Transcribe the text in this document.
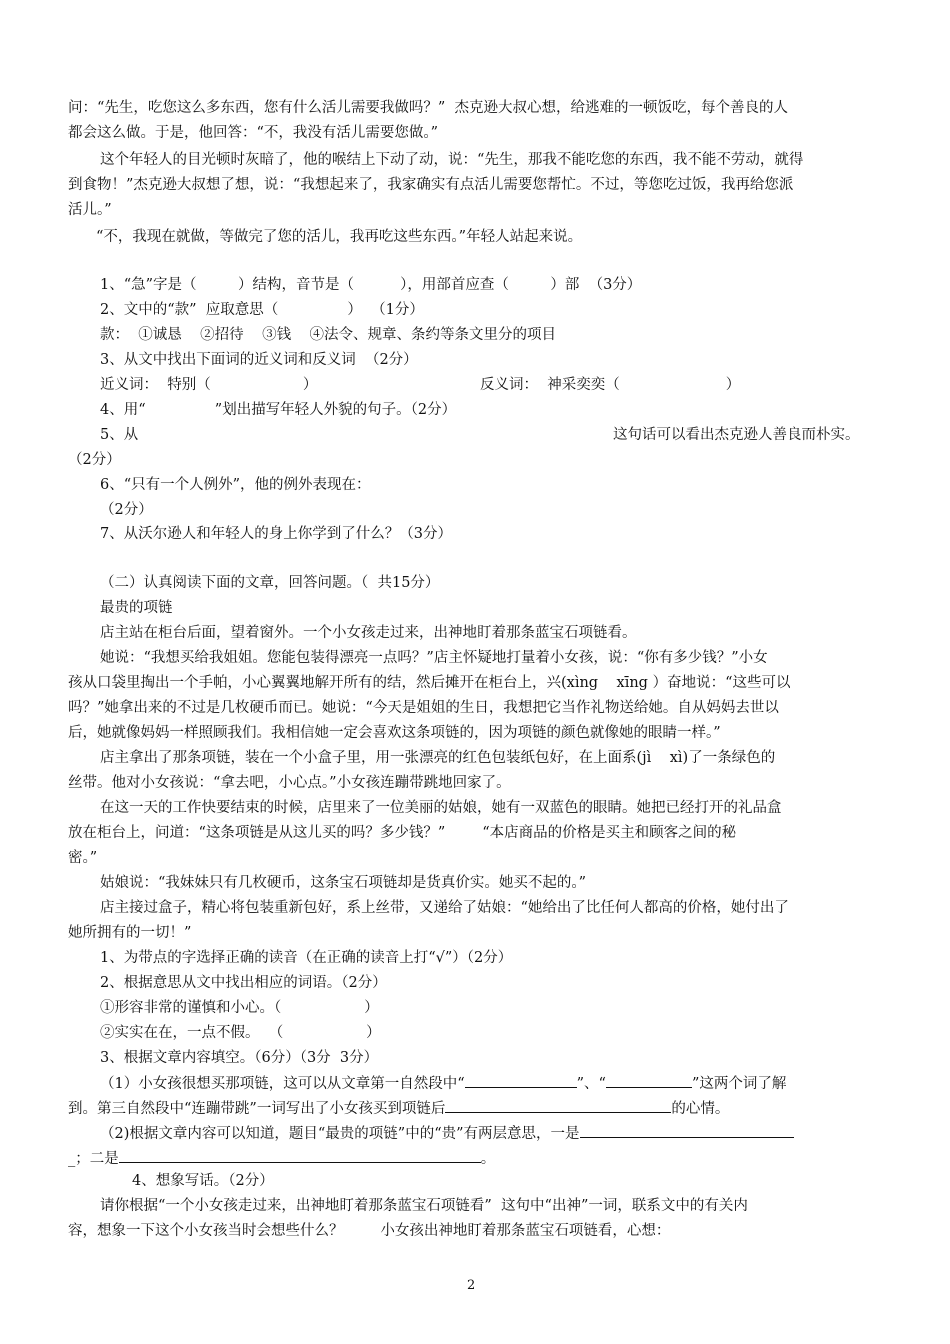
问：“先生，吃您这么多东西，您有什么活儿需要我做吗？”  杰克逊大叔心想，给逃难的一顿饭吃，每个善良的人
都会这么做。于是，他回答：“不，我没有活儿需要您做。”
这个年轻人的目光顿时灰暗了，他的喉结上下动了动，说：“先生，那我不能吃您的东西，我不能不劳动，就得
到食物！”杰克逊大叔想了想，说：“我想起来了，我家确实有点活儿需要您帮忙。不过，等您吃过饭，我再给您派
活儿。”
“不，我现在就做，等做完了您的活儿，我再吃这些东西。”年轻人站起来说。
1、“急”字是（         ）结构，音节是（          ），用部首应查（         ）部  （3分）
2、文中的“款”  应取意思（               ）  （1分）
款：  ①诚恳    ②招待    ③钱    ④法令、规章、条约等条文里分的项目
3、从文中找出下面词的近义词和反义词  （2分）
近义词：  特别（                    ）	反义词：  神采奕奕（                       ）
4、用“               ”划出描写年轻人外貌的句子。（2分）
5、从	这句话可以看出杰克逊人善良而朴实。
（2分）
6、“只有一个人例外”，他的例外表现在：
（2分）
7、从沃尔逊人和年轻人的身上你学到了什么？（3分）
（二）认真阅读下面的文章，回答问题。（  共15分）
最贵的项链
店主站在柜台后面，望着窗外。一个小女孩走过来，出神地盯着那条蓝宝石项链看。
她说：“我想买给我姐姐。您能包装得漂亮一点吗？”店主怀疑地打量着小女孩，说：“你有多少钱？”小女
孩从口袋里掏出一个手帕，小心翼翼地解开所有的结，然后摊开在柜台上，兴(xìng    xīng ）奋地说：“这些可以
吗？”她拿出来的不过是几枚硬币而已。她说：“今天是姐姐的生日，我想把它当作礼物送给她。自从妈妈去世以
后，她就像妈妈一样照顾我们。我相信她一定会喜欢这条项链的，因为项链的颜色就像她的眼睛一样。”
店主拿出了那条项链，装在一个小盒子里，用一张漂亮的红色包装纸包好，在上面系(jì    xì)了一条绿色的
丝带。他对小女孩说：“拿去吧，小心点。”小女孩连蹦带跳地回家了。
在这一天的工作快要结束的时候，店里来了一位美丽的姑娘，她有一双蓝色的眼睛。她把已经打开的礼品盒
放在柜台上，问道：“这条项链是从这儿买的吗？多少钱？”        “本店商品的价格是买主和顾客之间的秘
密。”
姑娘说：“我妹妹只有几枚硬币，这条宝石项链却是货真价实。她买不起的。”
店主接过盒子，精心将包装重新包好，系上丝带，又递给了姑娘：“她给出了比任何人都高的价格，她付出了
她所拥有的一切！”
1、为带点的字选择正确的读音（在正确的读音上打“√”）（2分）
2、根据意思从文中找出相应的词语。（2分）
①形容非常的谨慎和小心。（                  ）
②实实在在，一点不假。  （                  ）
3、根据文章内容填空。（6分）（3分  3分）
（1）小女孩很想买那项链，这可以从文章第一自然段中“	”、“	”这两个词了解
到。第三自然段中“连蹦带跳”一词写出了小女孩买到项链后	的心情。
（2)根据文章内容可以知道，题目“最贵的项链”中的“贵”有两层意思，一是
_；二是	。
4、想象写话。（2分）
请你根据“一个小女孩走过来，出神地盯着那条蓝宝石项链看”  这句中“出神”一词，联系文中的有关内
容，想象一下这个小女孩当时会想些什么？        小女孩出神地盯着那条蓝宝石项链看，心想：
2
